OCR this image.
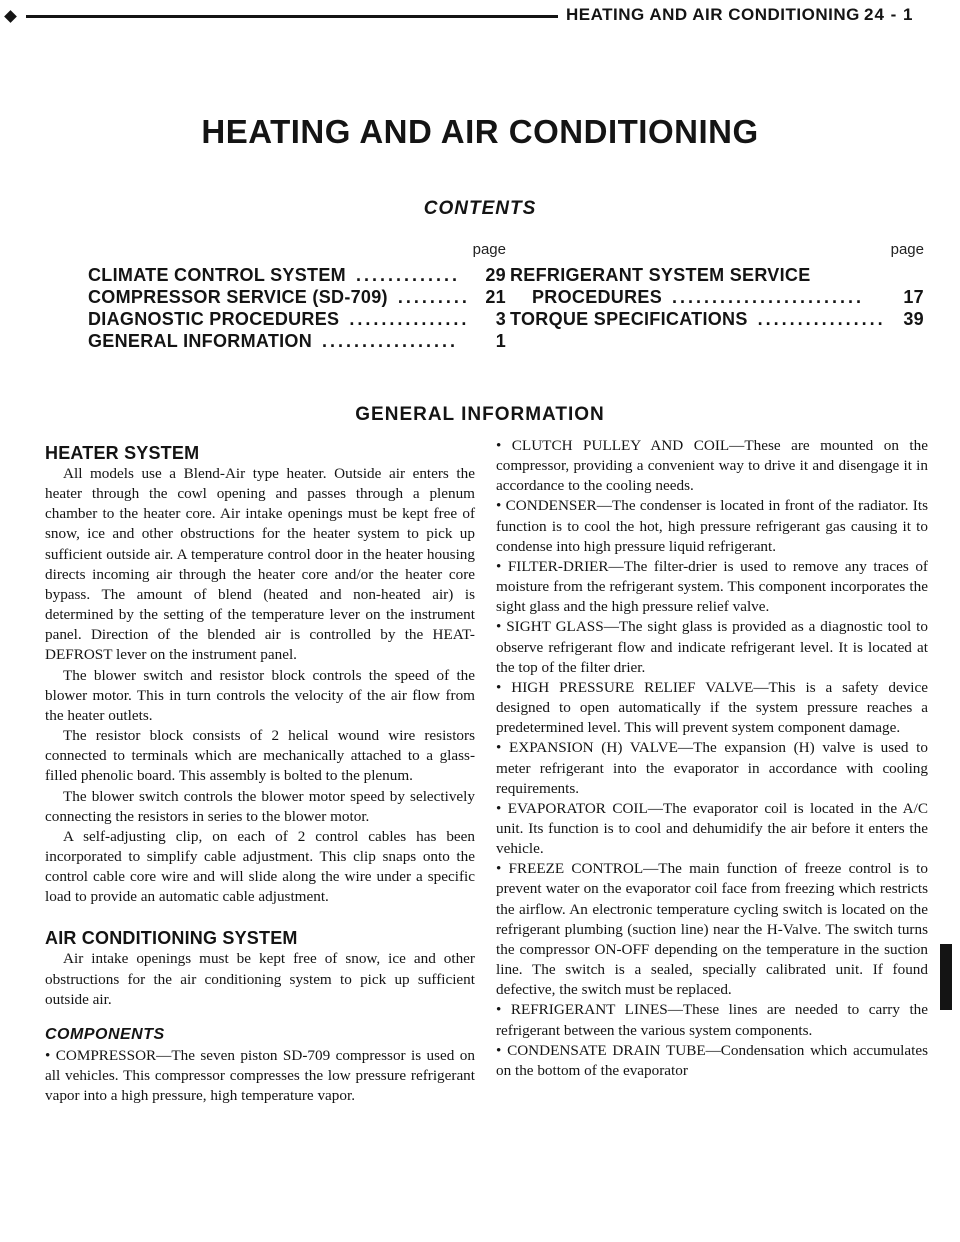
HEATING AND AIR CONDITIONING 24 - 1
HEATING AND AIR CONDITIONING
CONTENTS
page
CLIMATE CONTROL SYSTEM .............	29
COMPRESSOR SERVICE (SD-709) ......... 21
DIAGNOSTIC PROCEDURES ...............	3
GENERAL INFORMATION .................	1
page
REFRIGERANT SYSTEM SERVICE
PROCEDURES ........................	17
TORQUE SPECIFICATIONS ................ 39
GENERAL INFORMATION
HEATER SYSTEM

All models use a Blend-Air type heater. Outside air enters the heater through the cowl opening and passes through a plenum chamber to the heater core. Air intake openings must be kept free of snow, ice and other obstructions for the heater system to pick up sufficient outside air. A temperature control door in the heater housing directs incoming air through the heater core and/or the heater core bypass. The amount of blend (heated and non-heated air) is determined by the setting of the temperature lever on the instrument panel. Direction of the blended air is controlled by the HEAT-DEFROST lever on the instrument panel.

The blower switch and resistor block controls the speed of the blower motor. This in turn controls the velocity of the air flow from the heater outlets.

The resistor block consists of 2 helical wound wire resistors connected to terminals which are mechanically attached to a glass-filled phenolic board. This assembly is bolted to the plenum.

The blower switch controls the blower motor speed by selectively connecting the resistors in series to the blower motor.

A self-adjusting clip, on each of 2 control cables has been incorporated to simplify cable adjustment. This clip snaps onto the control cable core wire and will slide along the wire under a specific load to provide an automatic cable adjustment.

AIR CONDITIONING SYSTEM

Air intake openings must be kept free of snow, ice and other obstructions for the air conditioning system to pick up sufficient outside air.

COMPONENTS

• COMPRESSOR—The seven piston SD-709 compressor is used on all vehicles. This compressor compresses the low pressure refrigerant vapor into a high pressure, high temperature vapor.

• CLUTCH PULLEY AND COIL—These are mounted on the compressor, providing a convenient way to drive it and disengage it in accordance to the cooling needs.

• CONDENSER—The condenser is located in front of the radiator. Its function is to cool the hot, high pressure refrigerant gas causing it to condense into high pressure liquid refrigerant.

• FILTER-DRIER—The filter-drier is used to remove any traces of moisture from the refrigerant system. This component incorporates the sight glass and the high pressure relief valve.

• SIGHT GLASS—The sight glass is provided as a diagnostic tool to observe refrigerant flow and indicate refrigerant level. It is located at the top of the filter drier.

• HIGH PRESSURE RELIEF VALVE—This is a safety device designed to open automatically if the system pressure reaches a predetermined level. This will prevent system component damage.

• EXPANSION (H) VALVE—The expansion (H) valve is used to meter refrigerant into the evaporator in accordance with cooling requirements.

• EVAPORATOR COIL—The evaporator coil is located in the A/C unit. Its function is to cool and dehumidify the air before it enters the vehicle.

• FREEZE CONTROL—The main function of freeze control is to prevent water on the evaporator coil face from freezing which restricts the airflow. An electronic temperature cycling switch is located on the refrigerant plumbing (suction line) near the H-Valve. The switch turns the compressor ON-OFF depending on the temperature in the suction line. The switch is a sealed, specially calibrated unit. If found defective, the switch must be replaced.

• REFRIGERANT LINES—These lines are needed to carry the refrigerant between the various system components.

• CONDENSATE DRAIN TUBE—Condensation which accumulates on the bottom of the evaporator
